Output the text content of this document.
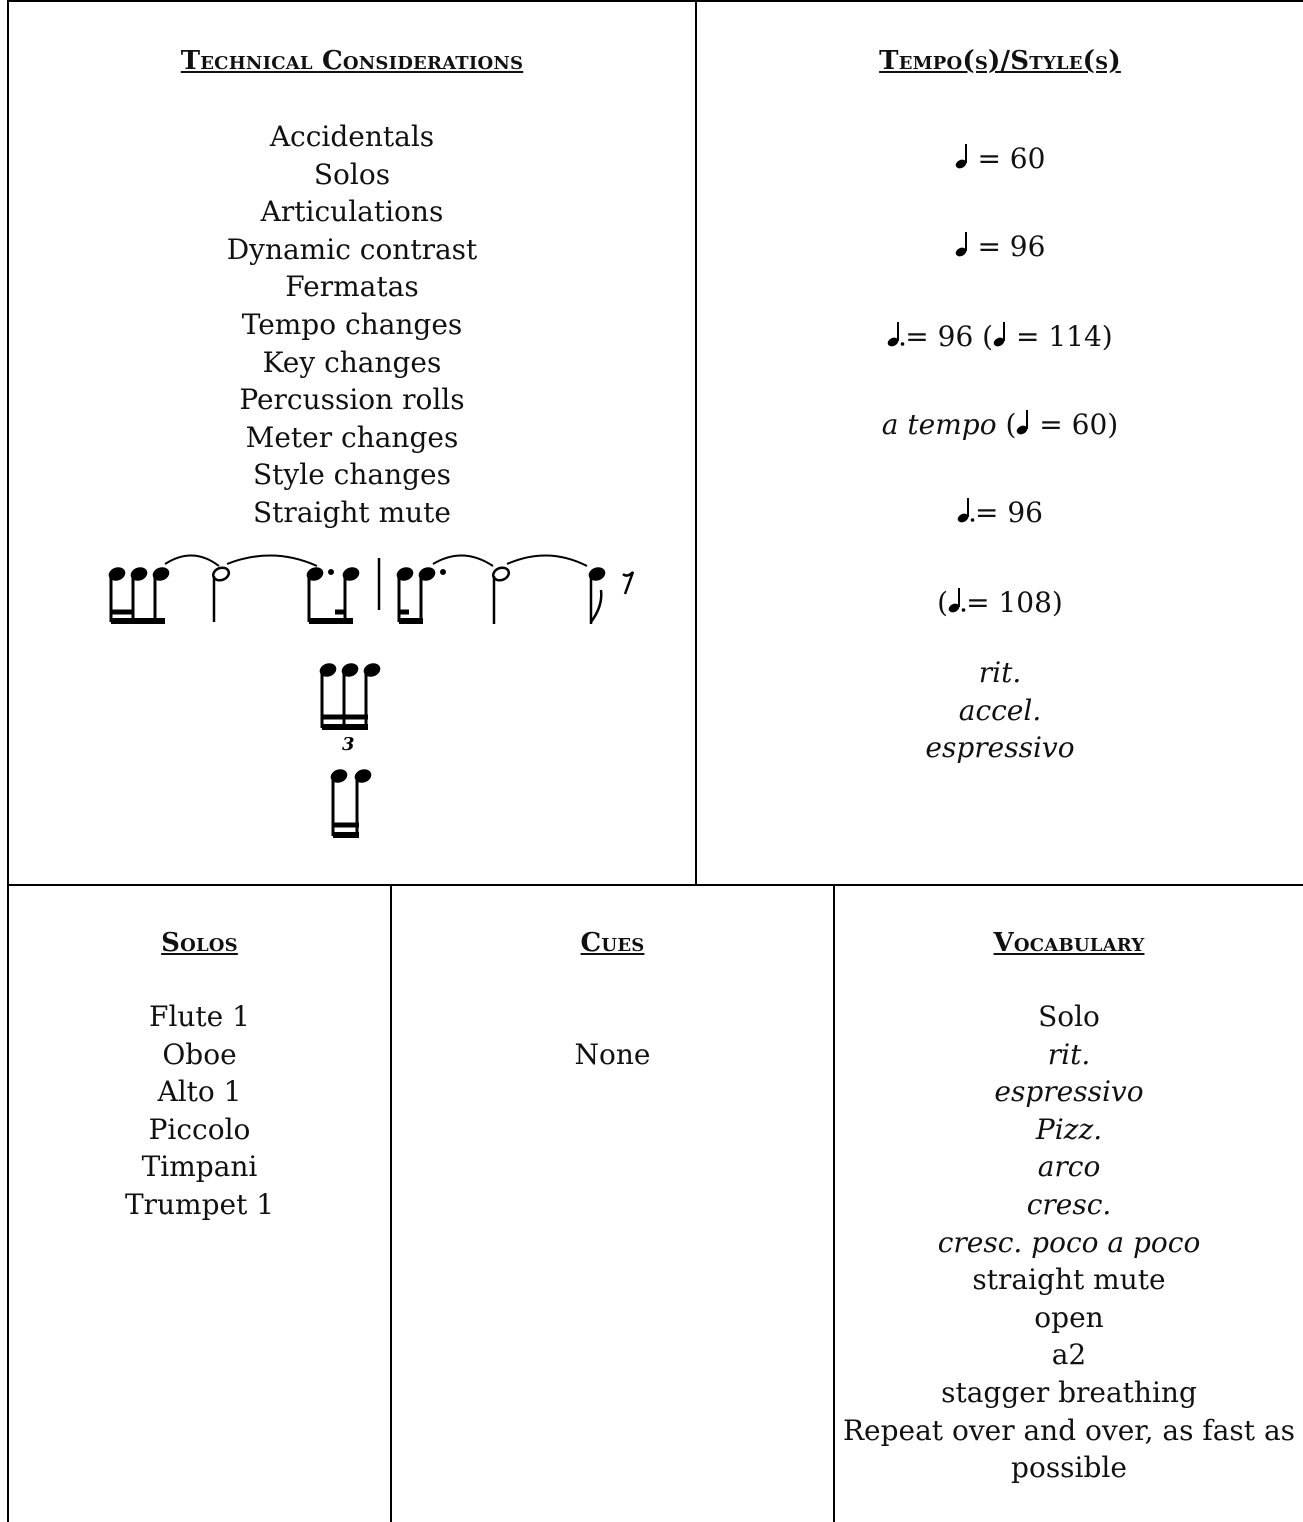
Technical Considerations
Accidentals
Solos
Articulations
Dynamic contrast
Fermatas
Tempo changes
Key changes
Percussion rolls
Meter changes
Style changes
Straight mute
3
Tempo(s)/Style(s)
= 60
= 96
= 96 ( = 114)
a tempo ( = 60)
= 96
( = 108)
rit.
accel.
espressivo
Solos
Flute 1
Oboe
Alto 1
Piccolo
Timpani
Trumpet 1
Cues
None
Vocabulary
Solo
rit.
espressivo
Pizz.
arco
cresc.
cresc. poco a poco
straight mute
open
a2
stagger breathing
Repeat over and over, as fast as
possible
